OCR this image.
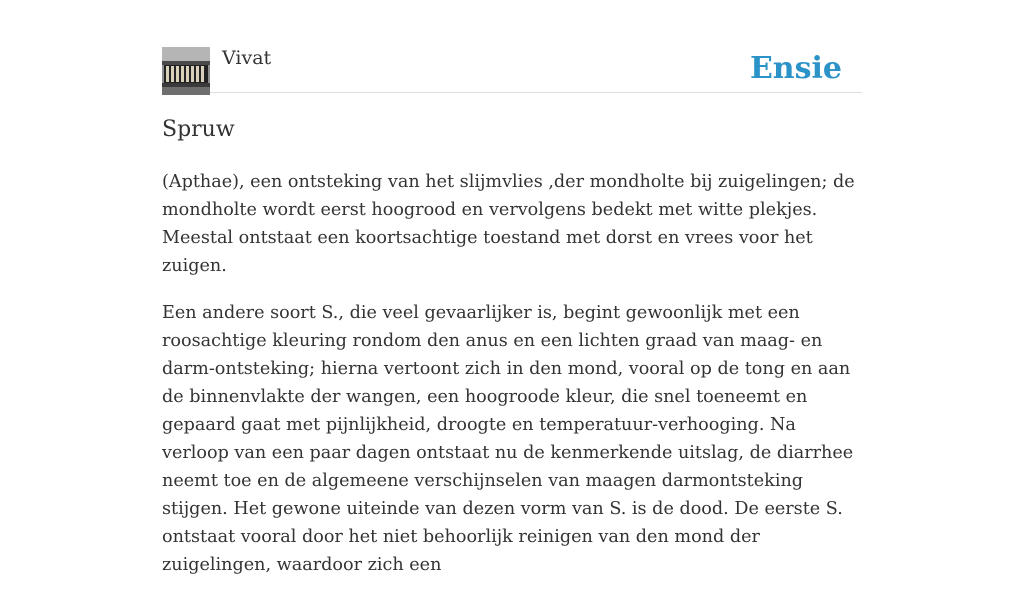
Vivat	Ensie
Spruw

(Apthae), een ontsteking van het slijmvlies ,der mondholte bij zuigelingen; de mondholte wordt eerst hoogrood en vervolgens bedekt met witte plekjes. Meestal ontstaat een koortsachtige toestand met dorst en vrees voor het zuigen.

Een andere soort S., die veel gevaarlijker is, begint gewoonlijk met een roosachtige kleuring rondom den anus en een lichten graad van maag- en darm-ontsteking; hierna vertoont zich in den mond, vooral op de tong en aan de binnenvlakte der wangen, een hoogroode kleur, die snel toeneemt en gepaard gaat met pijnlijkheid, droogte en temperatuur-verhooging. Na verloop van een paar dagen ontstaat nu de kenmerkende uitslag, de diarrhee neemt toe en de algemeene verschijnselen van maagen darmontsteking stijgen. Het gewone uiteinde van dezen vorm van S. is de dood. De eerste S. ontstaat vooral door het niet behoorlijk reinigen van den mond der zuigelingen, waardoor zich een
